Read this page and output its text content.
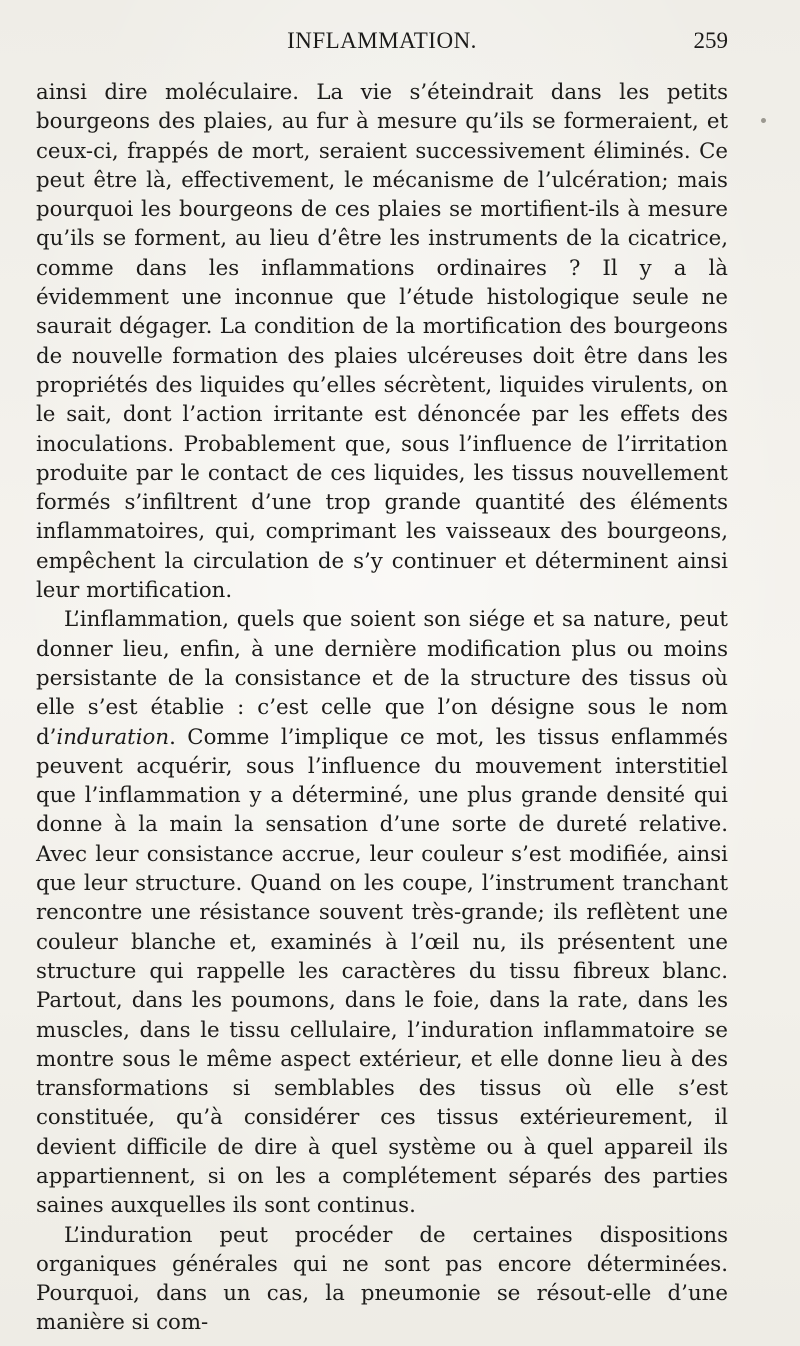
INFLAMMATION.	259

ainsi dire moléculaire. La vie s’éteindrait dans les petits bourgeons des plaies, au fur à mesure qu’ils se formeraient, et ceux-ci, frappés de mort, seraient successivement éliminés. Ce peut être là, effectivement, le mécanisme de l’ulcération; mais pourquoi les bourgeons de ces plaies se mortifient-ils à mesure qu’ils se forment, au lieu d’être les instruments de la cicatrice, comme dans les inflammations ordinaires ? Il y a là évidemment une inconnue que l’étude histologique seule ne saurait dégager. La condition de la mortification des bourgeons de nouvelle formation des plaies ulcéreuses doit être dans les propriétés des liquides qu’elles sécrètent, liquides virulents, on le sait, dont l’action irritante est dénoncée par les effets des inoculations. Probablement que, sous l’influence de l’irritation produite par le contact de ces liquides, les tissus nouvellement formés s’infiltrent d’une trop grande quantité des éléments inflammatoires, qui, comprimant les vaisseaux des bourgeons, empêchent la circulation de s’y continuer et déterminent ainsi leur mortification.

L’inflammation, quels que soient son siége et sa nature, peut donner lieu, enfin, à une dernière modification plus ou moins persistante de la consistance et de la structure des tissus où elle s’est établie : c’est celle que l’on désigne sous le nom d’induration. Comme l’implique ce mot, les tissus enflammés peuvent acquérir, sous l’influence du mouvement interstitiel que l’inflammation y a déterminé, une plus grande densité qui donne à la main la sensation d’une sorte de dureté relative. Avec leur consistance accrue, leur couleur s’est modifiée, ainsi que leur structure. Quand on les coupe, l’instrument tranchant rencontre une résistance souvent très-grande; ils reflètent une couleur blanche et, examinés à l’œil nu, ils présentent une structure qui rappelle les caractères du tissu fibreux blanc. Partout, dans les poumons, dans le foie, dans la rate, dans les muscles, dans le tissu cellulaire, l’induration inflammatoire se montre sous le même aspect extérieur, et elle donne lieu à des transformations si semblables des tissus où elle s’est constituée, qu’à considérer ces tissus extérieurement, il devient difficile de dire à quel système ou à quel appareil ils appartiennent, si on les a complétement séparés des parties saines auxquelles ils sont continus.

L’induration peut procéder de certaines dispositions organiques générales qui ne sont pas encore déterminées. Pourquoi, dans un cas, la pneumonie se résout-elle d’une manière si com-
